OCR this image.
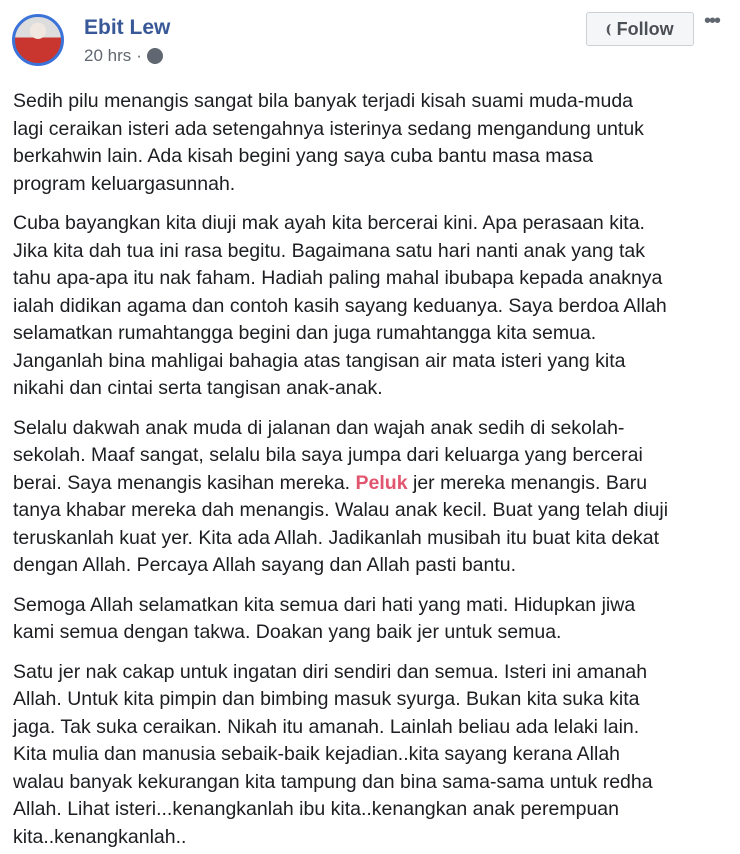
Ebit Lew
20 hrs ·
⦅ Follow •••

Sedih pilu menangis sangat bila banyak terjadi kisah suami muda-muda
lagi ceraikan isteri ada setengahnya isterinya sedang mengandung untuk
berkahwin lain. Ada kisah begini yang saya cuba bantu masa masa
program keluargasunnah.

Cuba bayangkan kita diuji mak ayah kita bercerai kini. Apa perasaan kita.
Jika kita dah tua ini rasa begitu. Bagaimana satu hari nanti anak yang tak
tahu apa-apa itu nak faham. Hadiah paling mahal ibubapa kepada anaknya
ialah didikan agama dan contoh kasih sayang keduanya. Saya berdoa Allah
selamatkan rumahtangga begini dan juga rumahtangga kita semua.
Janganlah bina mahligai bahagia atas tangisan air mata isteri yang kita
nikahi dan cintai serta tangisan anak-anak.

Selalu dakwah anak muda di jalanan dan wajah anak sedih di sekolah-
sekolah. Maaf sangat, selalu bila saya jumpa dari keluarga yang bercerai
berai. Saya menangis kasihan mereka. Peluk jer mereka menangis. Baru
tanya khabar mereka dah menangis. Walau anak kecil. Buat yang telah diuji
teruskanlah kuat yer. Kita ada Allah. Jadikanlah musibah itu buat kita dekat
dengan Allah. Percaya Allah sayang dan Allah pasti bantu.

Semoga Allah selamatkan kita semua dari hati yang mati. Hidupkan jiwa
kami semua dengan takwa. Doakan yang baik jer untuk semua.

Satu jer nak cakap untuk ingatan diri sendiri dan semua. Isteri ini amanah
Allah. Untuk kita pimpin dan bimbing masuk syurga. Bukan kita suka kita
jaga. Tak suka ceraikan. Nikah itu amanah. Lainlah beliau ada lelaki lain.
Kita mulia dan manusia sebaik-baik kejadian..kita sayang kerana Allah
walau banyak kekurangan kita tampung dan bina sama-sama untuk redha
Allah. Lihat isteri...kenangkanlah ibu kita..kenangkan anak perempuan
kita..kenangkanlah..
